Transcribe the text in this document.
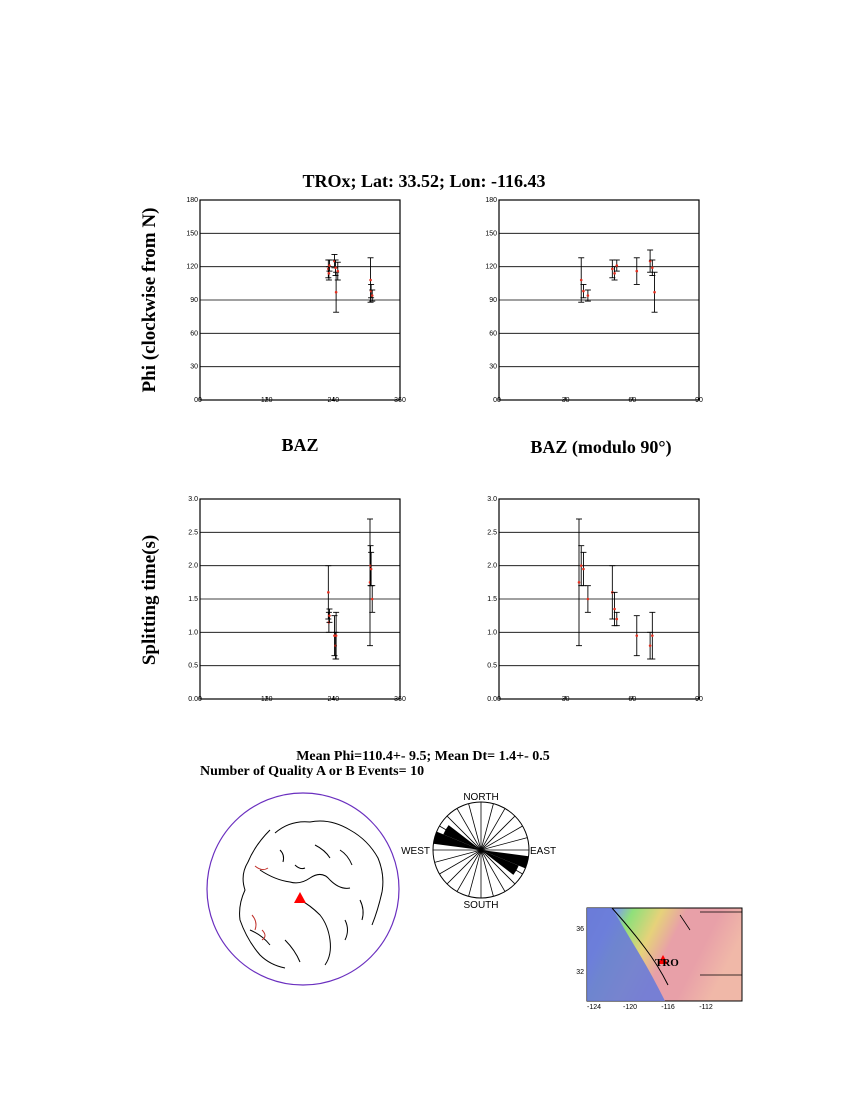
TROx; Lat: 33.52; Lon: -116.43
Phi (clockwise from N)
Splitting time(s)
BAZ	BAZ (modulo 90°)
0
30
60
90
120
150
180
0	120	240	360	0
30
60
90
120
150
180
0	30	60	90
0.0
0.5
1.0
1.5
2.0
2.5
3.0
0	120	240	360	0.0
0.5
1.0
1.5
2.0
2.5
3.0
0	30	60	90
Mean Phi=110.4+- 9.5; Mean Dt= 1.4+- 0.5
Number of Quality A or B Events= 10
NORTH
SOUTH
EAST
WEST
TRO
36
32
-124	-120	-116	-112
